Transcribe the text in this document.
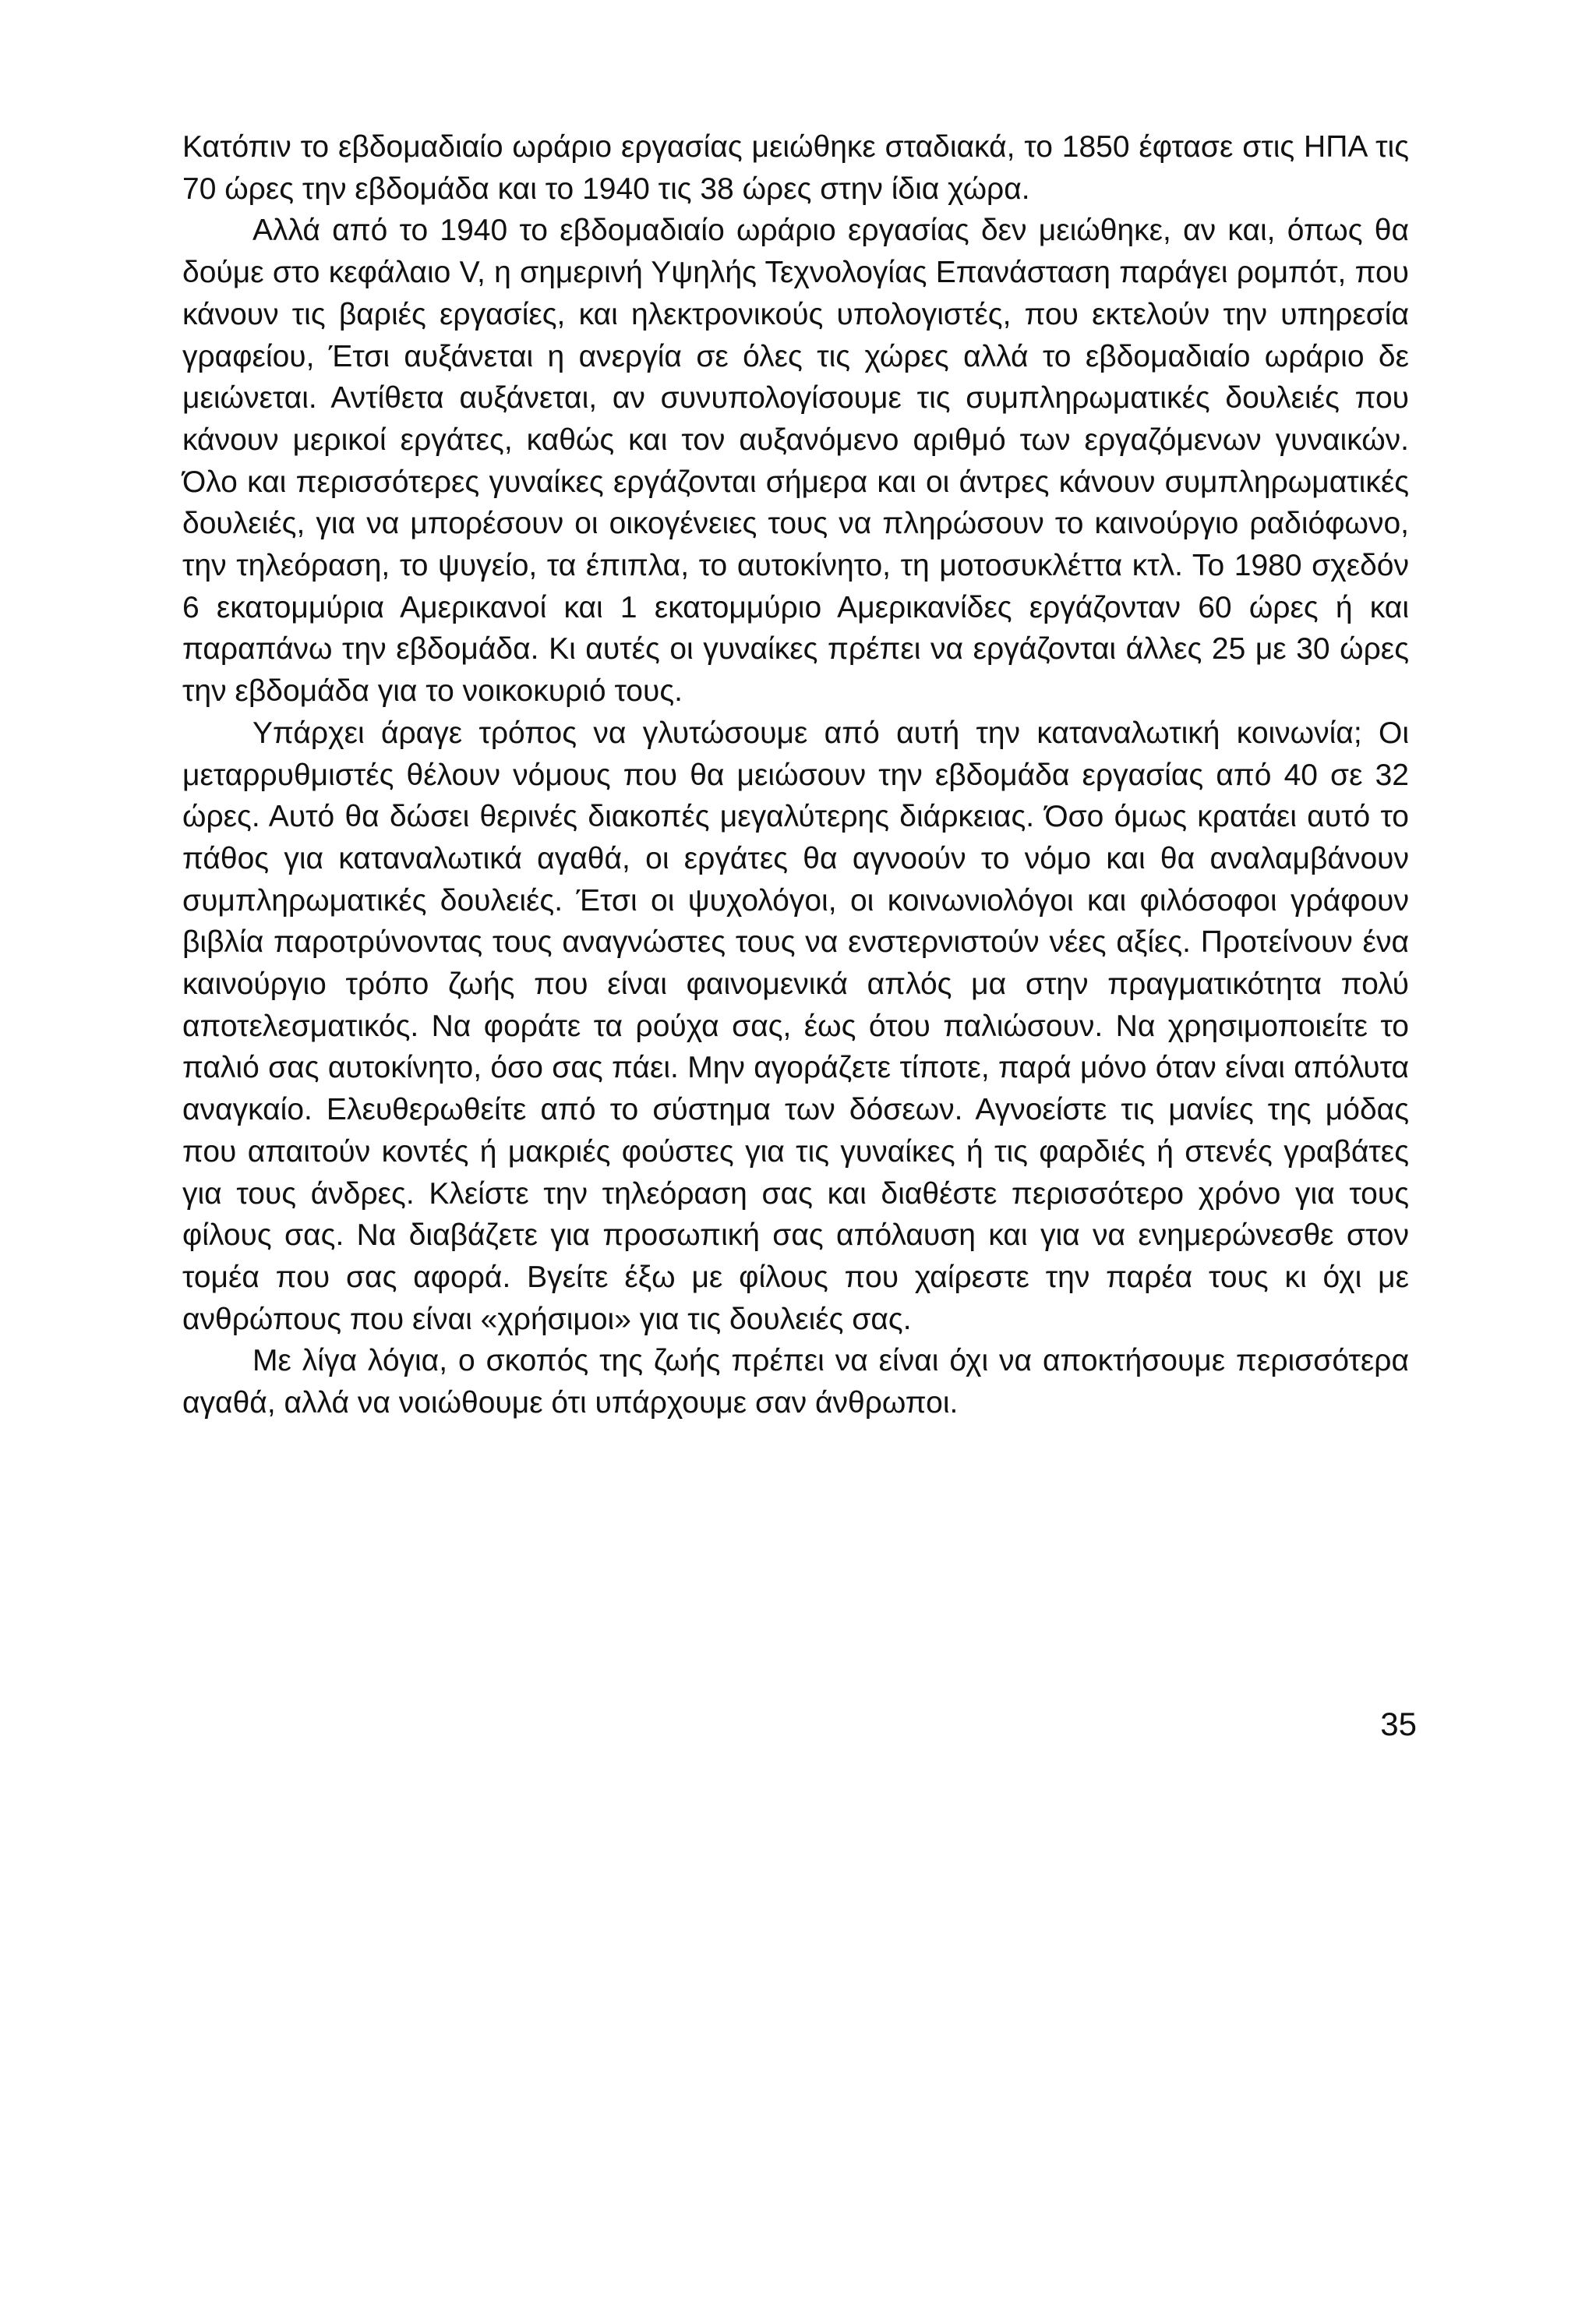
Κατόπιν το εβδομαδιαίο ωράριο εργασίας μειώθηκε σταδιακά, το 1850 έφτασε στις ΗΠΑ τις 70 ώρες την εβδομάδα και το 1940 τις 38 ώρες στην ίδια χώρα.

Αλλά από το 1940 το εβδομαδιαίο ωράριο εργασίας δεν μειώθηκε, αν και, όπως θα δούμε στο κεφάλαιο V, η σημερινή Υψηλής Τεχνολογίας Επανάσταση παράγει ρομπότ, που κάνουν τις βαριές εργασίες, και ηλεκτρονικούς υπολογιστές, που εκτελούν την υπηρεσία γραφείου, Έτσι αυξάνεται η ανεργία σε όλες τις χώρες αλλά το εβδομαδιαίο ωράριο δε μειώνεται. Αντίθετα αυξάνεται, αν συνυπολογίσουμε τις συμπληρωματικές δουλειές που κάνουν μερικοί εργάτες, καθώς και τον αυξανόμενο αριθμό των εργαζόμενων γυναικών. Όλο και περισσότερες γυναίκες εργάζονται σήμερα και οι άντρες κάνουν συμπληρωματικές δουλειές, για να μπορέσουν οι οικογένειες τους να πληρώσουν το καινούργιο ραδιόφωνο, την τηλεόραση, το ψυγείο, τα έπιπλα, το αυτοκίνητο, τη μοτοσυκλέττα κτλ. Το 1980 σχεδόν 6 εκατομμύρια Αμερικανοί και 1 εκατομμύριο Αμερικανίδες εργάζονταν 60 ώρες ή και παραπάνω την εβδομάδα. Κι αυτές οι γυναίκες πρέπει να εργάζονται άλλες 25 με 30 ώρες την εβδομάδα για το νοικοκυριό τους.

Υπάρχει άραγε τρόπος να γλυτώσουμε από αυτή την καταναλωτική κοινωνία; Οι μεταρρυθμιστές θέλουν νόμους που θα μειώσουν την εβδομάδα εργασίας από 40 σε 32 ώρες. Αυτό θα δώσει θερινές διακοπές μεγαλύτερης διάρκειας. Όσο όμως κρατάει αυτό το πάθος για καταναλωτικά αγαθά, οι εργάτες θα αγνοούν το νόμο και θα αναλαμβάνουν συμπληρωματικές δουλειές. Έτσι οι ψυχολόγοι, οι κοινωνιολόγοι και φιλόσοφοι γράφουν βιβλία παροτρύνοντας τους αναγνώστες τους να ενστερνιστούν νέες αξίες. Προτείνουν ένα καινούργιο τρόπο ζωής που είναι φαινομενικά απλός μα στην πραγματικότητα πολύ αποτελεσματικός. Να φοράτε τα ρούχα σας, έως ότου παλιώσουν. Να χρησιμοποιείτε το παλιό σας αυτοκίνητο, όσο σας πάει. Μην αγοράζετε τίποτε, παρά μόνο όταν είναι απόλυτα αναγκαίο. Ελευθερωθείτε από το σύστημα των δόσεων. Αγνοείστε τις μανίες της μόδας που απαιτούν κοντές ή μακριές φούστες για τις γυναίκες ή τις φαρδιές ή στενές γραβάτες για τους άνδρες. Κλείστε την τηλεόραση σας και διαθέστε περισσότερο χρόνο για τους φίλους σας. Να διαβάζετε για προσωπική σας απόλαυση και για να ενημερώνεσθε στον τομέα που σας αφορά. Βγείτε έξω με φίλους που χαίρεστε την παρέα τους κι όχι με ανθρώπους που είναι «χρήσιμοι» για τις δουλειές σας.

Με λίγα λόγια, ο σκοπός της ζωής πρέπει να είναι όχι να αποκτήσουμε περισσότερα αγαθά, αλλά να νοιώθουμε ότι υπάρχουμε σαν άνθρωποι.

35
